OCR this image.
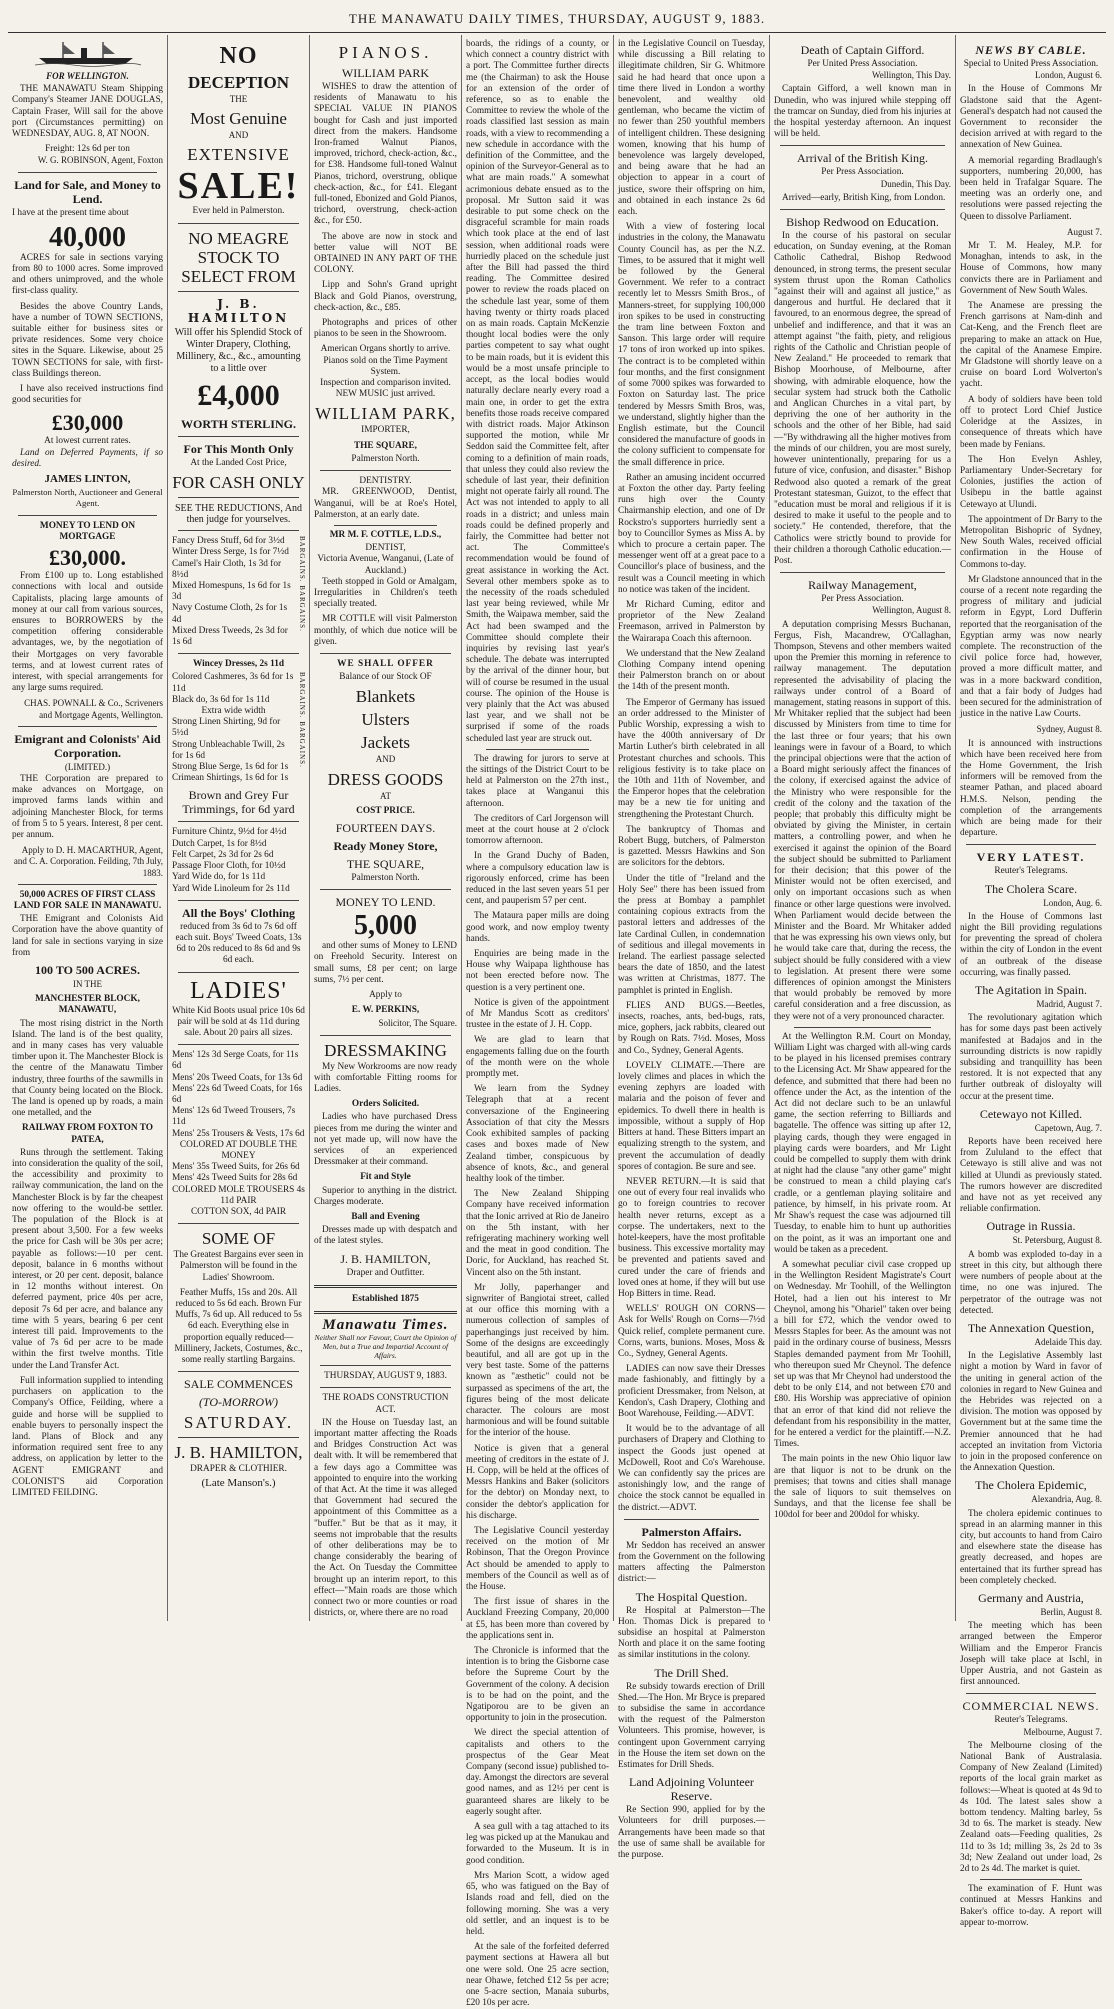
THE MANAWATU DAILY TIMES, THURSDAY, AUGUST 9, 1883.
FOR WELLINGTON.

THE MANAWATU Steam Shipping Company's Steamer JANE DOUGLAS, Captain Fraser, Will sail for the above port (Circumstances permitting) on WEDNESDAY, AUG. 8, AT NOON.

Freight: 12s 6d per ton
W. G. ROBINSON, Agent, Foxton
Land for Sale, and Money to Lend.

I have at the present time about

40,000

ACRES for sale in sections varying from 80 to 1000 acres. Some improved and others unimproved, and the whole first-class quality.

Besides the above Country Lands, have a number of TOWN SECTIONS, suitable either for business sites or private residences. Some very choice sites in the Square. Likewise, about 25 TOWN SECTIONS for sale, with first-class Buildings thereon.

I have also received instructions find good securities for

£30,000
At lowest current rates.

Land on Deferred Payments, if so desired.

JAMES LINTON,
Palmerston North, Auctioneer and General Agent.
MONEY TO LEND ON MORTGAGE
£30,000.

From £100 up to. Long established connections with local and outside Capitalists, placing large amounts of money at our call from various sources, ensures to BORROWERS by the competition offering considerable advantages, we, by the negotiation of their Mortgages on very favorable terms, and at lowest current rates of interest, with special arrangements for any large sums required.

CHAS. POWNALL & Co., Scriveners and Mortgage Agents, Wellington.
Emigrant and Colonists' Aid Corporation.
(LIMITED.)

THE Corporation are prepared to make advances on Mortgage, on improved farms lands within and adjoining Manchester Block, for terms of from 5 to 5 years. Interest, 8 per cent. per annum.

Apply to D. H. MACARTHUR, Agent, and C. A. Corporation. Feilding, 7th July, 1883.
50,000 ACRES OF FIRST CLASS LAND FOR SALE IN MANAWATU.

THE Emigrant and Colonists Aid Corporation have the above quantity of land for sale in sections varying in size from

100 TO 500 ACRES.
IN THE
MANCHESTER BLOCK, MANAWATU,

The most rising district in the North Island. The land is of the best quality, and in many cases has very valuable timber upon it. The Manchester Block is the centre of the Manawatu Timber industry, three fourths of the sawmills in that County being located on the Block. The land is opened up by roads, a main one metalled, and the

RAILWAY FROM FOXTON TO PATEA,

Runs through the settlement. Taking into consideration the quality of the soil, the accessibility and proximity to railway communication, the land on the Manchester Block is by far the cheapest now offering to the would-be settler. The population of the Block is at present about 3,500. For a few weeks the price for Cash will be 30s per acre; payable as follows:—10 per cent. deposit, balance in 6 months without interest, or 20 per cent. deposit, balance in 12 months without interest. On deferred payment, price 40s per acre, deposit 7s 6d per acre, and balance any time with 5 years, bearing 6 per cent interest till paid. Improvements to the value of 7s 6d per acre to be made within the first twelve months. Title under the Land Transfer Act.

Full information supplied to intending purchasers on application to the Company's Office, Feilding, where a guide and horse will be supplied to enable buyers to personally inspect the land. Plans of Block and any information required sent free to any address, on application by letter to the AGENT EMIGRANT and COLONIST'S aid Corporation LIMITED FEILDING.

NO
DECEPTION
THE
Most Genuine
AND
EXTENSIVE
SALE!
Ever held in Palmerston.
NO MEAGRE STOCK TO SELECT FROM
J. B. HAMILTON

Will offer his Splendid Stock of Winter Drapery, Clothing, Millinery, &c., &c., amounting to a little over

£4,000
WORTH STERLING.
For This Month Only
At the Landed Cost Price,
FOR CASH ONLY
SEE THE REDUCTIONS, And then judge for yourselves.
BARGAINS. BARGAINS.
Fancy Dress Stuff, 6d for 3½d
Winter Dress Serge, 1s for 7½d
Camel's Hair Cloth, 1s 3d for 8½d
Mixed Homespuns, 1s 6d for 1s 3d
Navy Costume Cloth, 2s for 1s 4d
Mixed Dress Tweeds, 2s 3d for 1s 6d
Wincey Dresses, 2s 11d
BARGAINS. BARGAINS.
Colored Cashmeres, 3s 6d for 1s 11d
Black do, 3s 6d for 1s 11d
Extra wide width
Strong Linen Shirting, 9d for 5½d
Strong Unbleachable Twill, 2s for 1s 6d
Strong Blue Serge, 1s 6d for 1s
Crimean Shirtings, 1s 6d for 1s
Brown and Grey Fur Trimmings, for 6d yard
Furniture Chintz, 9½d for 4½d
Dutch Carpet, 1s for 8½d
Felt Carpet, 2s 3d for 2s 6d
Passage Floor Cloth, for 10½d
Yard Wide do, for 1s 11d
Yard Wide Linoleum for 2s 11d
All the Boys' Clothing

reduced from 3s 6d to 7s 6d off each suit. Boys' Tweed Coats, 13s 6d to 20s reduced to 8s 6d and 9s 6d each.

LADIES'

White Kid Boots usual price 10s 6d pair will be sold at 4s 11d during sale. About 20 pairs all sizes.

Mens' 12s 3d Serge Coats, for 11s 6d
Mens' 20s Tweed Coats, for 13s 6d
Mens' 22s 6d Tweed Coats, for 16s 6d
Mens' 12s 6d Tweed Trousers, 7s 11d
Mens' 25s Trousers & Vests, 17s 6d
COLORED AT DOUBLE THE MONEY
Mens' 35s Tweed Suits, for 26s 6d
Mens' 42s Tweed Suits for 28s 6d
COLORED MOLE TROUSERS 4s 11d PAIR
COTTON SOX, 4d PAIR
SOME OF

The Greatest Bargains ever seen in Palmerston will be found in the Ladies' Showroom.

Feather Muffs, 15s and 20s. All reduced to 5s 6d each. Brown Fur Muffs, 7s 6d up. All reduced to 5s 6d each. Everything else in proportion equally reduced—Millinery, Jackets, Costumes, &c., some really startling Bargains.

SALE COMMENCES
(TO-MORROW)
SATURDAY.
J. B. HAMILTON,
DRAPER & CLOTHIER.
(Late Manson's.)
PIANOS.
WILLIAM PARK

WISHES to draw the attention of residents of Manawatu to his SPECIAL VALUE IN PIANOS bought for Cash and just imported direct from the makers. Handsome Iron-framed Walnut Pianos, improved, trichord, check-action, &c., for £38. Handsome full-toned Walnut Pianos, trichord, overstrung, oblique check-action, &c., for £41. Elegant full-toned, Ebonized and Gold Pianos, trichord, overstrung, check-action &c., for £50.

The above are now in stock and better value will NOT BE OBTAINED IN ANY PART OF THE COLONY.

Lipp and Sohn's Grand upright Black and Gold Pianos, overstrung, check-action, &c., £85.

Photographs and prices of other pianos to be seen in the Showroom.

American Organs shortly to arrive.
Pianos sold on the Time Payment System.
Inspection and comparison invited.
NEW MUSIC just arrived.
WILLIAM PARK,
IMPORTER,
THE SQUARE,
Palmerston North.
DENTISTRY.

MR. GREENWOOD, Dentist, Wanganui, will be at Roe's Hotel, Palmerston, at an early date.

MR M. F. COTTLE, L.D.S.,
DENTIST,
Victoria Avenue, Wanganui, (Late of Auckland.)

Teeth stopped in Gold or Amalgam, Irregularities in Children's teeth specially treated.

MR COTTLE will visit Palmerston monthly, of which due notice will be given.

WE SHALL OFFER
Balance of our Stock OF
Blankets
Ulsters
Jackets
AND
DRESS GOODS
AT
COST PRICE.
FOURTEEN DAYS.
Ready Money Store,
THE SQUARE,
Palmerston North.
MONEY TO LEND.
5,000

and other sums of Money to LEND on Freehold Security. Interest on small sums, £8 per cent; on large sums, 7½ per cent.

Apply to
E. W. PERKINS,
Solicitor, The Square.
DRESSMAKING

My New Workrooms are now ready with comfortable Fitting rooms for Ladies.

Orders Solicited.

Ladies who have purchased Dress pieces from me during the winter and not yet made up, will now have the services of an experienced Dressmaker at their command.

Fit and Style

Superior to anything in the district. Charges moderate.

Ball and Evening

Dresses made up with despatch and of the latest styles.

J. B. HAMILTON,
Draper and Outfitter.
Established 1875
Manawatu Times.
Neither Shall nor Favour, Court the Opinion of Men, but a True and Impartial Account of Affairs.
THURSDAY, AUGUST 9, 1883.
THE ROADS CONSTRUCTION ACT.

IN the House on Tuesday last, an important matter affecting the Roads and Bridges Construction Act was dealt with. It will be remembered that a few days ago a Committee was appointed to enquire into the working of that Act. At the time it was alleged that Government had secured the appointment of this Committee as a "buffer." But be that as it may, it seems not improbable that the results of other deliberations may be to change considerably the bearing of the Act. On Tuesday the Committee brought up an interim report, to this effect—"Main roads are those which connect two or more counties or road districts, or, where there are no road

boards, the ridings of a county, or which connect a country district with a port. The Committee further directs me (the Chairman) to ask the House for an extension of the order of reference, so as to enable the Committee to review the whole of the roads classified last session as main roads, with a view to recommending a new schedule in accordance with the definition of the Committee, and the opinion of the Surveyor-General as to what are main roads." A somewhat acrimonious debate ensued as to the proposal. Mr Sutton said it was desirable to put some check on the disgraceful scramble for main roads which took place at the end of last session, when additional roads were hurriedly placed on the schedule just after the Bill had passed the third reading. The Committee desired power to review the roads placed on the schedule last year, some of them having twenty or thirty roads placed on as main roads. Captain McKenzie thought local bodies were the only parties competent to say what ought to be main roads, but it is evident this would be a most unsafe principle to accept, as the local bodies would naturally declare nearly every road a main one, in order to get the extra benefits those roads receive compared with district roads. Major Atkinson supported the motion, while Mr Seddon said the Committee felt, after coming to a definition of main roads, that unless they could also review the schedule of last year, their definition might not operate fairly all round. The Act was not intended to apply to all roads in a district; and unless main roads could be defined properly and fairly, the Committee had better not act. The Committee's recommendation would be found of great assistance in working the Act. Several other members spoke as to the necessity of the roads scheduled last year being reviewed, while Mr Smith, the Waipawa member, said the Act had been swamped and the Committee should complete their inquiries by revising last year's schedule. The debate was interrupted by the arrival of the dinner hour, but will of course be resumed in the usual course. The opinion of the House is very plainly that the Act was abused last year, and we shall not be surprised if some of the roads scheduled last year are struck out.

The drawing for jurors to serve at the sittings of the District Court to be held at Palmerston on the 27th inst., takes place at Wanganui this afternoon.

The creditors of Carl Jorgenson will meet at the court house at 2 o'clock tomorrow afternoon.

In the Grand Duchy of Baden, where a compulsory education law is rigorously enforced, crime has been reduced in the last seven years 51 per cent, and pauperism 57 per cent.

The Mataura paper mills are doing good work, and now employ twenty hands.

Enquiries are being made in the House why Waipapa lighthouse has not been erected before now. The question is a very pertinent one.

Notice is given of the appointment of Mr Mandus Scott as creditors' trustee in the estate of J. H. Copp.

We are glad to learn that engagements falling due on the fourth of the month were on the whole promptly met.

We learn from the Sydney Telegraph that at a recent conversazione of the Engineering Association of that city the Messrs Cook exhibited samples of packing cases and boxes made of New Zealand timber, conspicuous by absence of knots, &c., and general healthy look of the timber.

The New Zealand Shipping Company have received information that the Ionic arrived at Rio de Janeiro on the 5th instant, with her refrigerating machinery working well and the meat in good condition. The Doric, for Auckland, has reached St. Vincent also on the 5th instant.

Mr Jolly, paperhanger and signwriter of Bangiotai street, called at our office this morning with a numerous collection of samples of paperhangings just received by him. Some of the designs are exceedingly beautiful, and all are got up in the very best taste. Some of the patterns known as "æsthetic" could not be surpassed as specimens of the art, the figures being of the most delicate character. The colours are most harmonious and will be found suitable for the interior of the house.

Notice is given that a general meeting of creditors in the estate of J. H. Copp, will be held at the offices of Messrs Hankins and Baker (solicitors for the debtor) on Monday next, to consider the debtor's application for his discharge.

The Legislative Council yesterday received on the motion of Mr Robinson, That the Oregon Province Act should be amended to apply to members of the Council as well as of the House.

The first issue of shares in the Auckland Freezing Company, 20,000 at £5, has been more than covered by the applications sent in.

The Chronicle is informed that the intention is to bring the Gisborne case before the Supreme Court by the Government of the colony. A decision is to be had on the point, and the Ngatiporou are to be given an opportunity to join in the prosecution.

We direct the special attention of capitalists and others to the prospectus of the Gear Meat Company (second issue) published to-day. Amongst the directors are several good names, and as 12½ per cent is guaranteed shares are likely to be eagerly sought after.

A sea gull with a tag attached to its leg was picked up at the Manukau and forwarded to the Museum. It is in good condition.

Mrs Marion Scott, a widow aged 65, who was fatigued on the Bay of Islands road and fell, died on the following morning. She was a very old settler, and an inquest is to be held.

At the sale of the forfeited deferred payment sections at Hawera all but one were sold. One 25 acre section, near Ohawe, fetched £12 5s per acre; one 5-acre section, Manaia suburbs, £20 10s per acre.

in the Legislative Council on Tuesday, while discussing a Bill relating to illegitimate children, Sir G. Whitmore said he had heard that once upon a time there lived in London a worthy benevolent, and wealthy old gentleman, who became the victim of no fewer than 250 youthful members of intelligent children. These designing women, knowing that his hump of benevolence was largely developed, and being aware that he had an objection to appear in a court of justice, swore their offspring on him, and obtained in each instance 2s 6d each.

With a view of fostering local industries in the colony, the Manawatu County Council has, as per the N.Z. Times, to be assured that it might well be followed by the General Government. We refer to a contract recently let to Messrs Smith Bros., of Manners-street, for supplying 100,000 iron spikes to be used in constructing the tram line between Foxton and Sanson. This large order will require 17 tons of iron worked up into spikes. The contract is to be completed within four months, and the first consignment of some 7000 spikes was forwarded to Foxton on Saturday last. The price tendered by Messrs Smith Bros, was, we understand, slightly higher than the English estimate, but the Council considered the manufacture of goods in the colony sufficient to compensate for the small difference in price.

Rather an amusing incident occurred at Foxton the other day. Party feeling runs high over the County Chairmanship election, and one of Dr Rockstro's supporters hurriedly sent a boy to Councillor Symes as Miss A. by which to procure a certain paper. The messenger went off at a great pace to a Councillor's place of business, and the result was a Council meeting in which no notice was taken of the incident.

Mr Richard Cuming, editor and proprietor of the New Zealand Freemason, arrived in Palmerston by the Wairarapa Coach this afternoon.

We understand that the New Zealand Clothing Company intend opening their Palmerston branch on or about the 14th of the present month.

The Emperor of Germany has issued an order addressed to the Minister of Public Worship, expressing a wish to have the 400th anniversary of Dr Martin Luther's birth celebrated in all Protestant churches and schools. This religious festivity is to take place on the 10th and 11th of November, and the Emperor hopes that the celebration may be a new tie for uniting and strengthening the Protestant Church.

The bankruptcy of Thomas and Robert Bugg, butchers, of Palmerston is gazetted. Messrs Hawkins and Son are solicitors for the debtors.

Under the title of "Ireland and the Holy See" there has been issued from the press at Bombay a pamphlet containing copious extracts from the pastoral letters and addresses of the late Cardinal Cullen, in condemnation of seditious and illegal movements in Ireland. The earliest passage selected bears the date of 1850, and the latest was written at Christmas, 1877. The pamphlet is printed in English.

FLIES AND BUGS.—Beetles, insects, roaches, ants, bed-bugs, rats, mice, gophers, jack rabbits, cleared out by Rough on Rats. 7½d. Moses, Moss and Co., Sydney, General Agents.

LOVELY CLIMATE.—There are lovely climes and places in which the evening zephyrs are loaded with malaria and the poison of fever and epidemics. To dwell there in health is impossible, without a supply of Hop Bitters at hand. These Bitters impart an equalizing strength to the system, and prevent the accumulation of deadly spores of contagion. Be sure and see.

NEVER RETURN.—It is said that one out of every four real invalids who go to foreign countries to recover health never returns, except as a corpse. The undertakers, next to the hotel-keepers, have the most profitable business. This excessive mortality may be prevented and patients saved and cured under the care of friends and loved ones at home, if they will but use Hop Bitters in time. Read.

WELLS' ROUGH ON CORNS—Ask for Wells' Rough on Corns—7½d Quick relief, complete permanent cure. Corns, warts, bunions. Moses, Moss & Co., Sydney, General Agents.

LADIES can now save their Dresses made fashionably, and fittingly by a proficient Dressmaker, from Nelson, at Kendon's, Cash Drapery, Clothing and Boot Warehouse, Feilding.—ADVT.

It would be to the advantage of all purchasers of Drapery and Clothing to inspect the Goods just opened at McDowell, Root and Co's Warehouse. We can confidently say the prices are astonishingly low, and the range of choice the stock cannot be equalled in the district.—ADVT.

Palmerston Affairs.

Mr Seddon has received an answer from the Government on the following matters affecting the Palmerston district:—

The Hospital Question.

Re Hospital at Palmerston—The Hon. Thomas Dick is prepared to subsidise an hospital at Palmerston North and place it on the same footing as similar institutions in the colony.

The Drill Shed.

Re subsidy towards erection of Drill Shed.—The Hon. Mr Bryce is prepared to subsidise the same in accordance with the request of the Palmerston Volunteers. This promise, however, is contingent upon Government carrying in the House the item set down on the Estimates for Drill Sheds.

Land Adjoining Volunteer Reserve.

Re Section 990, applied for by the Volunteers for drill purposes.—Arrangements have been made so that the use of same shall be available for the purpose.

Death of Captain Gifford.
Per United Press Association.
Wellington, This Day.

Captain Gifford, a well known man in Dunedin, who was injured while stepping off the tramcar on Sunday, died from his injuries at the hospital yesterday afternoon. An inquest will be held.

Arrival of the British King.
Per Press Association.
Dunedin, This Day.

Arrived—early, British King, from London.

Bishop Redwood on Education.

In the course of his pastoral on secular education, on Sunday evening, at the Roman Catholic Cathedral, Bishop Redwood denounced, in strong terms, the present secular system thrust upon the Roman Catholics "against their will and against all justice," as dangerous and hurtful. He declared that it favoured, to an enormous degree, the spread of unbelief and indifference, and that it was an attempt against "the faith, piety, and religious rights of the Catholic and Christian people of New Zealand." He proceeded to remark that Bishop Moorhouse, of Melbourne, after showing, with admirable eloquence, how the secular system had struck both the Catholic and Anglican Churches in a vital part, by depriving the one of her authority in the schools and the other of her Bible, had said—"By withdrawing all the higher motives from the minds of our children, you are most surely, however unintentionally, preparing for us a future of vice, confusion, and disaster." Bishop Redwood also quoted a remark of the great Protestant statesman, Guizot, to the effect that "education must be moral and religious if it is desired to make it useful to the people and to society." He contended, therefore, that the Catholics were strictly bound to provide for their children a thorough Catholic education.—Post.

Railway Management,
Per Press Association.
Wellington, August 8.

A deputation comprising Messrs Buchanan, Fergus, Fish, Macandrew, O'Callaghan, Thompson, Stevens and other members waited upon the Premier this morning in reference to railway management. The deputation represented the advisability of placing the railways under control of a Board of management, stating reasons in support of this. Mr Whitaker replied that the subject had been discussed by Ministers from time to time for the last three or four years; that his own leanings were in favour of a Board, to which the principal objections were that the action of a Board might seriously affect the finances of the colony, if exercised against the advice of the Ministry who were responsible for the credit of the colony and the taxation of the people; that probably this difficulty might be obviated by giving the Minister, in certain matters, a controlling power, and when he exercised it against the opinion of the Board the subject should be submitted to Parliament for their decision; that this power of the Minister would not be often exercised, and only on important occasions such as when finance or other large questions were involved. When Parliament would decide between the Minister and the Board. Mr Whitaker added that he was expressing his own views only, but he would take care that, during the recess, the subject should be fully considered with a view to legislation. At present there were some differences of opinion amongst the Ministers that would probably be removed by more careful consideration and a free discussion, as they were not of a very pronounced character.

At the Wellington R.M. Court on Monday, William Light was charged with all-wing cards to be played in his licensed premises contrary to the Licensing Act. Mr Shaw appeared for the defence, and submitted that there had been no offence under the Act, as the intention of the Act did not declare such to be an unlawful game, the section referring to Billiards and bagatelle. The offence was sitting up after 12, playing cards, though they were engaged in playing cards were boarders, and Mr Light could be compelled to supply them with drink at night had the clause "any other game" might be construed to mean a child playing cat's cradle, or a gentleman playing solitaire and patience, by himself, in his private room. At Mr Shaw's request the case was adjourned till Tuesday, to enable him to hunt up authorities on the point, as it was an important one and would be taken as a precedent.

A somewhat peculiar civil case cropped up in the Wellington Resident Magistrate's Court on Wednesday. Mr Toohill, of the Wellington Hotel, had a lien out his interest to Mr Cheynol, among his "Ohariel" taken over being a bill for £72, which the vendor owed to Messrs Staples for beer. As the amount was not paid in the ordinary course of business, Messrs Staples demanded payment from Mr Toohill, who thereupon sued Mr Cheynol. The defence set up was that Mr Cheynol had understood the debt to be only £14, and not between £70 and £80. His Worship was appreciative of opinion that an error of that kind did not relieve the defendant from his responsibility in the matter, for he entered a verdict for the plaintiff.—N.Z. Times.

The main points in the new Ohio liquor law are that liquor is not to be drunk on the premises; that towns and cities shall manage the sale of liquors to suit themselves on Sundays, and that the license fee shall be 100dol for beer and 200dol for whisky.

NEWS BY CABLE.
Special to United Press Association.
London, August 6.

In the House of Commons Mr Gladstone said that the Agent-General's despatch had not caused the Government to reconsider the decision arrived at with regard to the annexation of New Guinea.

A memorial regarding Bradlaugh's supporters, numbering 20,000, has been held in Trafalgar Square. The meeting was an orderly one, and resolutions were passed rejecting the Queen to dissolve Parliament.

August 7.

Mr T. M. Healey, M.P. for Monaghan, intends to ask, in the House of Commons, how many convicts there are in Parliament and Government of New South Wales.

The Anamese are pressing the French garrisons at Nam-dinh and Cat-Keng, and the French fleet are preparing to make an attack on Hue, the capital of the Anamese Empire. Mr Gladstone will shortly leave on a cruise on board Lord Wolverton's yacht.

A body of soldiers have been told off to protect Lord Chief Justice Coleridge at the Assizes, in consequence of threats which have been made by Fenians.

The Hon Evelyn Ashley, Parliamentary Under-Secretary for Colonies, justifies the action of Usibepu in the battle against Cetewayo at Ulundi.

The appointment of Dr Barry to the Metropolitan Bishopric of Sydney, New South Wales, received official confirmation in the House of Commons to-day.

Mr Gladstone announced that in the course of a recent note regarding the progress of military and judicial reform in Egypt, Lord Dufferin reported that the reorganisation of the Egyptian army was now nearly complete. The reconstruction of the civil police force had, however, proved a more difficult matter, and was in a more backward condition, and that a fair body of Judges had been secured for the administration of justice in the native Law Courts.

Sydney, August 8.

It is announced with instructions which have been received here from the Home Government, the Irish informers will be removed from the steamer Pathan, and placed aboard H.M.S. Nelson, pending the completion of the arrangements which are being made for their departure.

VERY LATEST.
Reuter's Telegrams.
The Cholera Scare.
London, Aug. 6.

In the House of Commons last night the Bill providing regulations for preventing the spread of cholera within the city of London in the event of an outbreak of the disease occurring, was finally passed.

The Agitation in Spain.
Madrid, August 7.

The revolutionary agitation which has for some days past been actively manifested at Badajos and in the surrounding districts is now rapidly subsiding and tranquillity has been restored. It is not expected that any further outbreak of disloyalty will occur at the present time.

Cetewayo not Killed.
Capetown, Aug. 7.

Reports have been received here from Zululand to the effect that Cetewayo is still alive and was not killed at Ulundi as previously stated. The rumors however are discredited and have not as yet received any reliable confirmation.

Outrage in Russia.
St. Petersburg, August 8.

A bomb was exploded to-day in a street in this city, but although there were numbers of people about at the time, no one was injured. The perpetrator of the outrage was not detected.

The Annexation Question,
Adelaide This day.

In the Legislative Assembly last night a motion by Ward in favor of the uniting in general action of the colonies in regard to New Guinea and the Hebrides was rejected on a division. The motion was opposed by Government but at the same time the Premier announced that he had accepted an invitation from Victoria to join in the proposed conference on the Annexation Question.

The Cholera Epidemic,
Alexandria, Aug. 8.

The cholera epidemic continues to spread in an alarming manner in this city, but accounts to hand from Cairo and elsewhere state the disease has greatly decreased, and hopes are entertained that its further spread has been completely checked.

Germany and Austria,
Berlin, August 8.

The meeting which has been arranged between the Emperor William and the Emperor Francis Joseph will take place at Ischl, in Upper Austria, and not Gastein as first announced.

COMMERCIAL NEWS.
Reuter's Telegrams.
Melbourne, August 7.

The Melbourne closing of the National Bank of Australasia. Company of New Zealand (Limited) reports of the local grain market as follows:—Wheat is quoted at 4s 9d to 4s 10d. The latest sales show a bottom tendency. Malting barley, 5s 3d to 6s. The market is steady. New Zealand oats—Feeding qualities, 2s 11d to 3s 1d; milling 3s, 2s 2d to 3s 3d; New Zealand out under load, 2s 2d to 2s 4d. The market is quiet.

The examination of F. Hunt was continued at Messrs Hankins and Baker's office to-day. A report will appear to-morrow.
